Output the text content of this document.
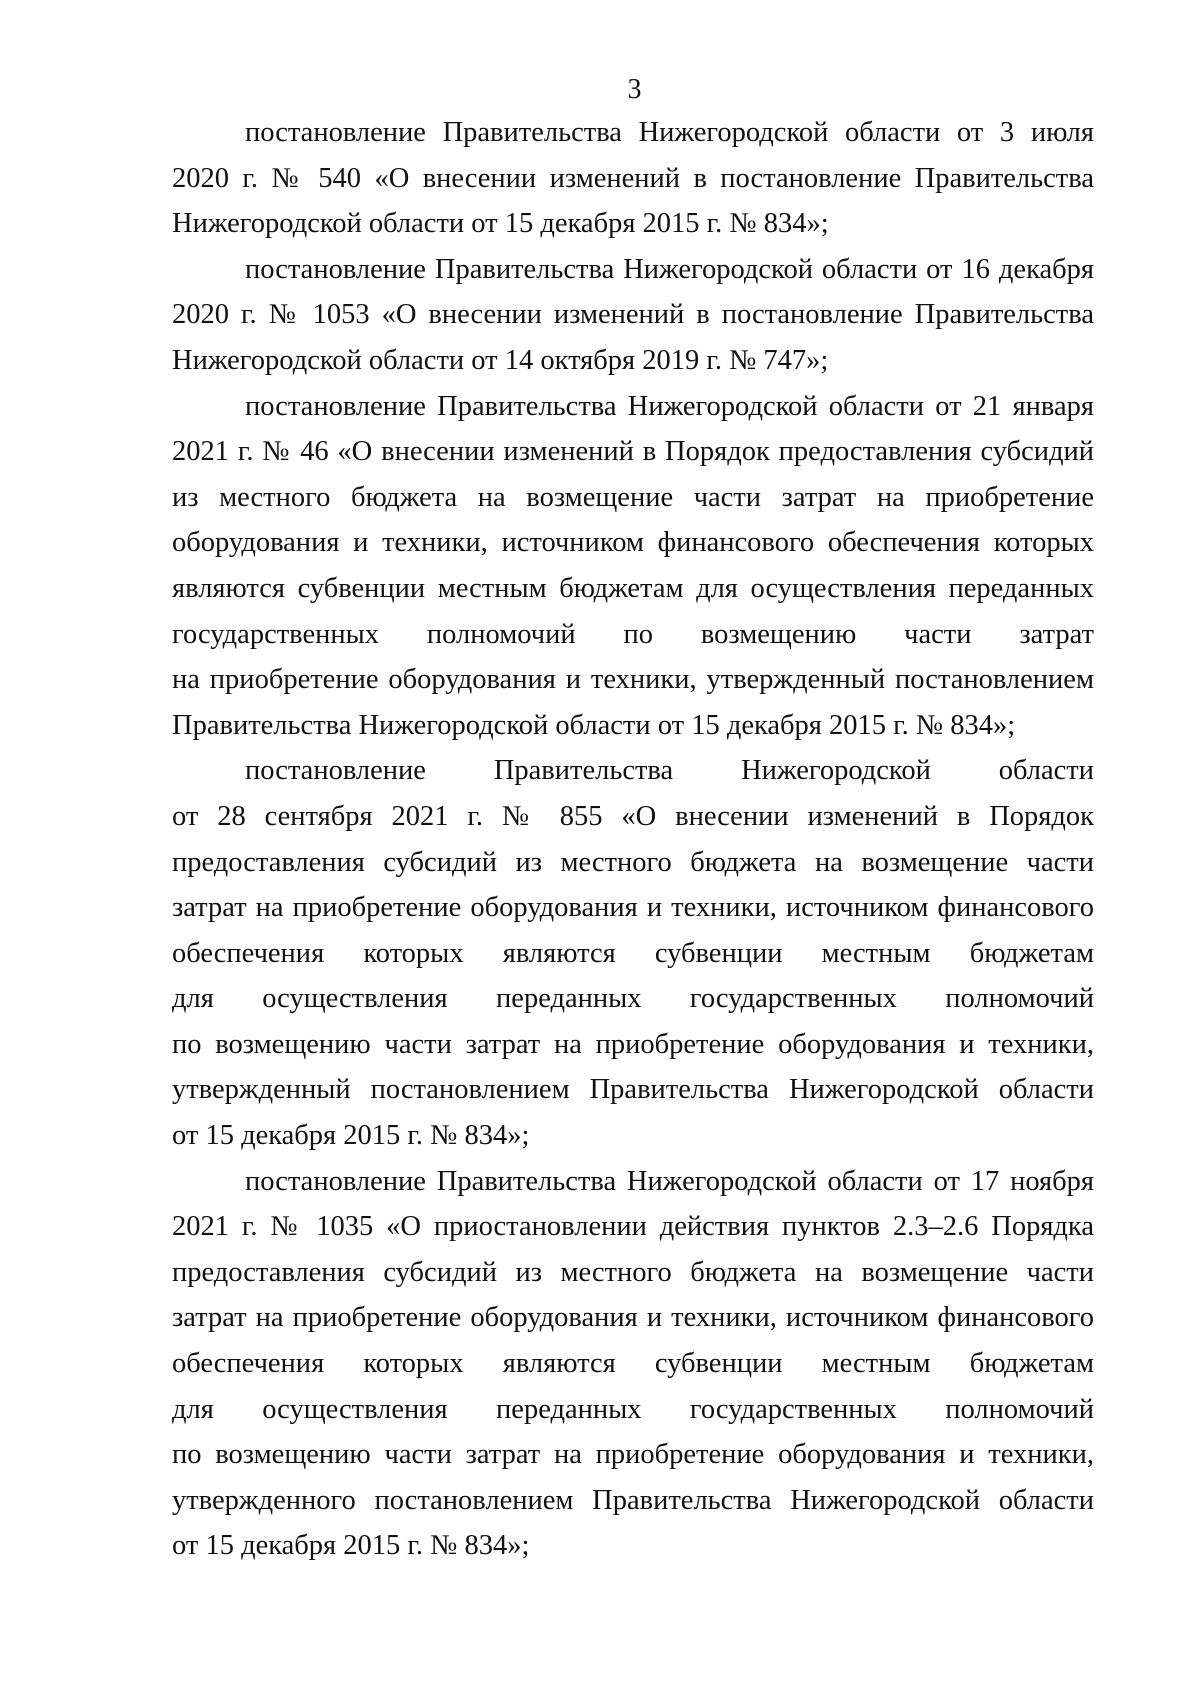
3
постановление Правительства Нижегородской области от 3 июля
2020 г. № 540 «О внесении изменений в постановление Правительства
Нижегородской области от 15 декабря 2015 г. № 834»;
постановление Правительства Нижегородской области от 16 декабря
2020 г. № 1053 «О внесении изменений в постановление Правительства
Нижегородской области от 14 октября 2019 г. № 747»;
постановление Правительства Нижегородской области от 21 января
2021 г. № 46 «О внесении изменений в Порядок предоставления субсидий
из местного бюджета на возмещение части затрат на приобретение
оборудования и техники, источником финансового обеспечения которых
являются субвенции местным бюджетам для осуществления переданных
государственных полномочий по возмещению части затрат
на приобретение оборудования и техники, утвержденный постановлением
Правительства Нижегородской области от 15 декабря 2015 г. № 834»;
постановление Правительства Нижегородской области
от 28 сентября 2021 г. № 855 «О внесении изменений в Порядок
предоставления субсидий из местного бюджета на возмещение части
затрат на приобретение оборудования и техники, источником финансового
обеспечения которых являются субвенции местным бюджетам
для осуществления переданных государственных полномочий
по возмещению части затрат на приобретение оборудования и техники,
утвержденный постановлением Правительства Нижегородской области
от 15 декабря 2015 г. № 834»;
постановление Правительства Нижегородской области от 17 ноября
2021 г. № 1035 «О приостановлении действия пунктов 2.3–2.6 Порядка
предоставления субсидий из местного бюджета на возмещение части
затрат на приобретение оборудования и техники, источником финансового
обеспечения которых являются субвенции местным бюджетам
для осуществления переданных государственных полномочий
по возмещению части затрат на приобретение оборудования и техники,
утвержденного постановлением Правительства Нижегородской области
от 15 декабря 2015 г. № 834»;
